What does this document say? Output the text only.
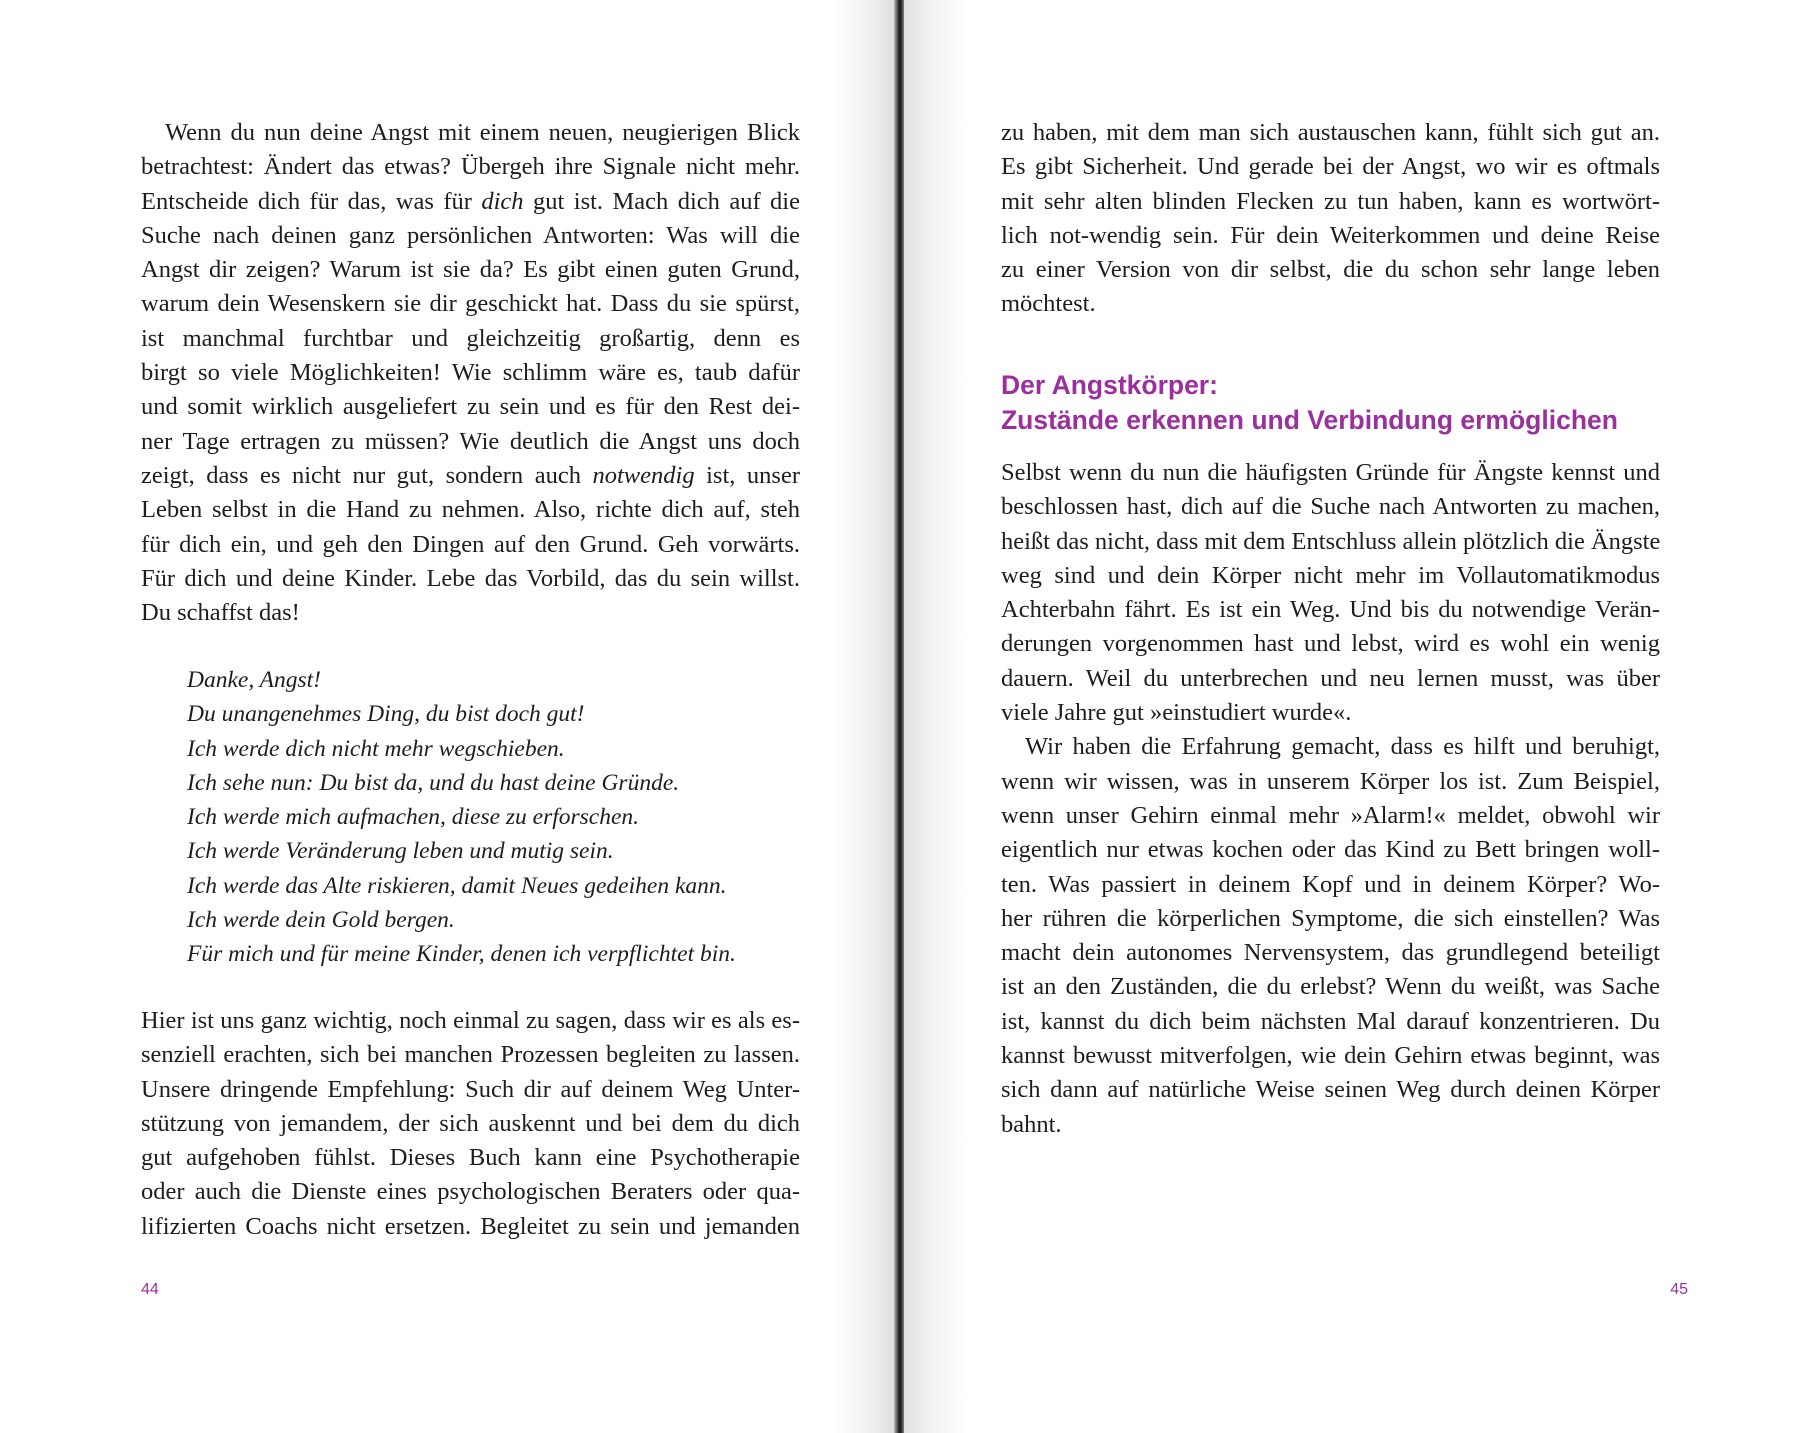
Wenn du nun deine Angst mit einem neuen, neugierigen Blick
betrachtest: Ändert das etwas? Übergeh ihre Signale nicht mehr.
Entscheide dich für das, was für dich gut ist. Mach dich auf die
Suche nach deinen ganz persönlichen Antworten: Was will die
Angst dir zeigen? Warum ist sie da? Es gibt einen guten Grund,
warum dein Wesenskern sie dir geschickt hat. Dass du sie spürst,
ist manchmal furchtbar und gleichzeitig großartig, denn es
birgt so viele Möglichkeiten! Wie schlimm wäre es, taub dafür
und somit wirklich ausgeliefert zu sein und es für den Rest dei-
ner Tage ertragen zu müssen? Wie deutlich die Angst uns doch
zeigt, dass es nicht nur gut, sondern auch notwendig ist, unser
Leben selbst in die Hand zu nehmen. Also, richte dich auf, steh
für dich ein, und geh den Dingen auf den Grund. Geh vorwärts.
Für dich und deine Kinder. Lebe das Vorbild, das du sein willst.
Du schaffst das!
Danke, Angst!
Du unangenehmes Ding, du bist doch gut!
Ich werde dich nicht mehr wegschieben.
Ich sehe nun: Du bist da, und du hast deine Gründe.
Ich werde mich aufmachen, diese zu erforschen.
Ich werde Veränderung leben und mutig sein.
Ich werde das Alte riskieren, damit Neues gedeihen kann.
Ich werde dein Gold bergen.
Für mich und für meine Kinder, denen ich verpflichtet bin.
Hier ist uns ganz wichtig, noch einmal zu sagen, dass wir es als es-
senziell erachten, sich bei manchen Prozessen begleiten zu lassen.
Unsere dringende Empfehlung: Such dir auf deinem Weg Unter-
stützung von jemandem, der sich auskennt und bei dem du dich
gut aufgehoben fühlst. Dieses Buch kann eine Psychotherapie
oder auch die Dienste eines psychologischen Beraters oder qua-
lifizierten Coachs nicht ersetzen. Begleitet zu sein und jemanden
44
zu haben, mit dem man sich austauschen kann, fühlt sich gut an.
Es gibt Sicherheit. Und gerade bei der Angst, wo wir es oftmals
mit sehr alten blinden Flecken zu tun haben, kann es wortwört-
lich not-wendig sein. Für dein Weiterkommen und deine Reise
zu einer Version von dir selbst, die du schon sehr lange leben
möchtest.
Der Angstkörper:
Zustände erkennen und Verbindung ermöglichen
Selbst wenn du nun die häufigsten Gründe für Ängste kennst und
beschlossen hast, dich auf die Suche nach Antworten zu machen,
heißt das nicht, dass mit dem Entschluss allein plötzlich die Ängste
weg sind und dein Körper nicht mehr im Vollautomatikmodus
Achterbahn fährt. Es ist ein Weg. Und bis du notwendige Verän-
derungen vorgenommen hast und lebst, wird es wohl ein wenig
dauern. Weil du unterbrechen und neu lernen musst, was über
viele Jahre gut »einstudiert wurde«.
Wir haben die Erfahrung gemacht, dass es hilft und beruhigt,
wenn wir wissen, was in unserem Körper los ist. Zum Beispiel,
wenn unser Gehirn einmal mehr »Alarm!« meldet, obwohl wir
eigentlich nur etwas kochen oder das Kind zu Bett bringen woll-
ten. Was passiert in deinem Kopf und in deinem Körper? Wo-
her rühren die körperlichen Symptome, die sich einstellen? Was
macht dein autonomes Nervensystem, das grundlegend beteiligt
ist an den Zuständen, die du erlebst? Wenn du weißt, was Sache
ist, kannst du dich beim nächsten Mal darauf konzentrieren. Du
kannst bewusst mitverfolgen, wie dein Gehirn etwas beginnt, was
sich dann auf natürliche Weise seinen Weg durch deinen Körper
bahnt.
45
